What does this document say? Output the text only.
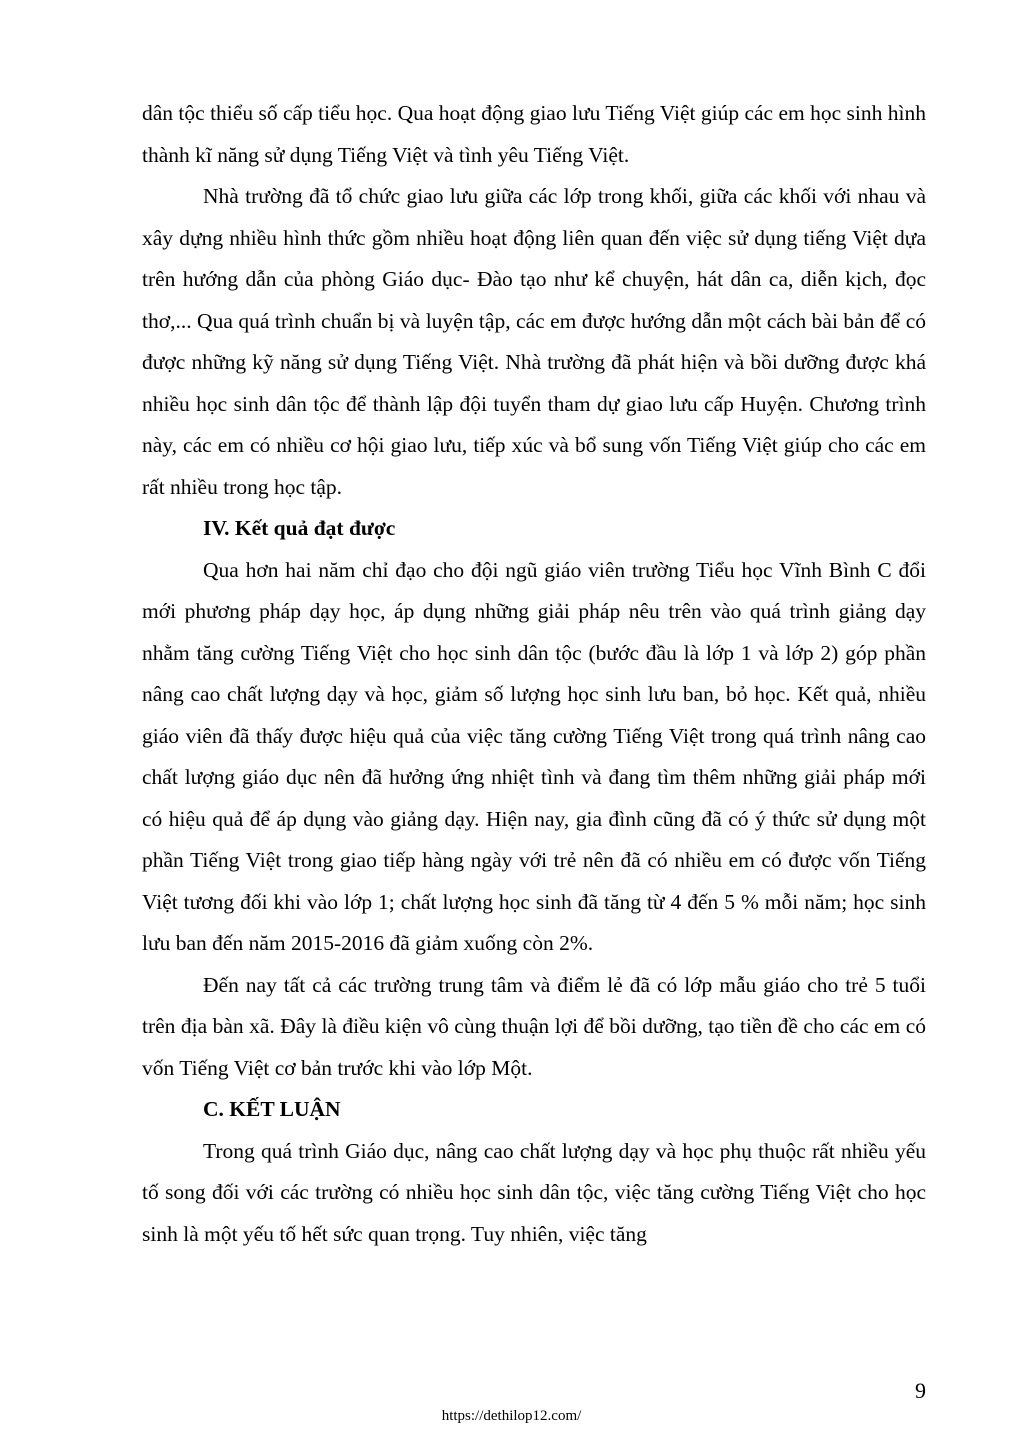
dân tộc thiểu số cấp tiểu học. Qua hoạt động giao lưu Tiếng Việt giúp các em học sinh hình thành kĩ năng sử dụng Tiếng Việt và tình yêu Tiếng Việt.

Nhà trường đã tổ chức giao lưu giữa các lớp trong khối, giữa các khối với nhau và xây dựng nhiều hình thức gồm nhiều hoạt động liên quan đến việc sử dụng tiếng Việt dựa trên hướng dẫn của phòng Giáo dục- Đào tạo như kể chuyện, hát dân ca, diễn kịch, đọc thơ,... Qua quá trình chuẩn bị và luyện tập, các em được hướng dẫn một cách bài bản để có được những kỹ năng sử dụng Tiếng Việt. Nhà trường đã phát hiện và bồi dưỡng được khá nhiều học sinh dân tộc để thành lập đội tuyển tham dự giao lưu cấp Huyện. Chương trình này, các em có nhiều cơ hội giao lưu, tiếp xúc và bổ sung vốn Tiếng Việt giúp cho các em rất nhiều trong học tập.

IV. Kết quả đạt được

Qua hơn hai năm chỉ đạo cho đội ngũ giáo viên trường Tiểu học Vĩnh Bình C đổi mới phương pháp dạy học, áp dụng những giải pháp nêu trên vào quá trình giảng dạy nhằm tăng cường Tiếng Việt cho học sinh dân tộc (bước đầu là lớp 1 và lớp 2) góp phần nâng cao chất lượng dạy và học, giảm số lượng học sinh lưu ban, bỏ học. Kết quả, nhiều giáo viên đã thấy được hiệu quả của việc tăng cường Tiếng Việt trong quá trình nâng cao chất lượng giáo dục nên đã hưởng ứng nhiệt tình và đang tìm thêm những giải pháp mới có hiệu quả để áp dụng vào giảng dạy. Hiện nay, gia đình cũng đã có ý thức sử dụng một phần Tiếng Việt trong giao tiếp hàng ngày với trẻ nên đã có nhiều em có được vốn Tiếng Việt tương đối khi vào lớp 1; chất lượng học sinh đã tăng từ 4 đến 5 % mỗi năm; học sinh lưu ban đến năm 2015-2016 đã giảm xuống còn 2%.

Đến nay tất cả các trường trung tâm và điểm lẻ đã có lớp mẫu giáo cho trẻ 5 tuổi trên địa bàn xã. Đây là điều kiện vô cùng thuận lợi để bồi dưỡng, tạo tiền đề cho các em có vốn Tiếng Việt cơ bản trước khi vào lớp Một.

C. KẾT LUẬN

Trong quá trình Giáo dục, nâng cao chất lượng dạy và học phụ thuộc rất nhiều yếu tố song đối với các trường có nhiều học sinh dân tộc, việc tăng cường Tiếng Việt cho học sinh là một yếu tố hết sức quan trọng. Tuy nhiên, việc tăng

9
https://dethilop12.com/
